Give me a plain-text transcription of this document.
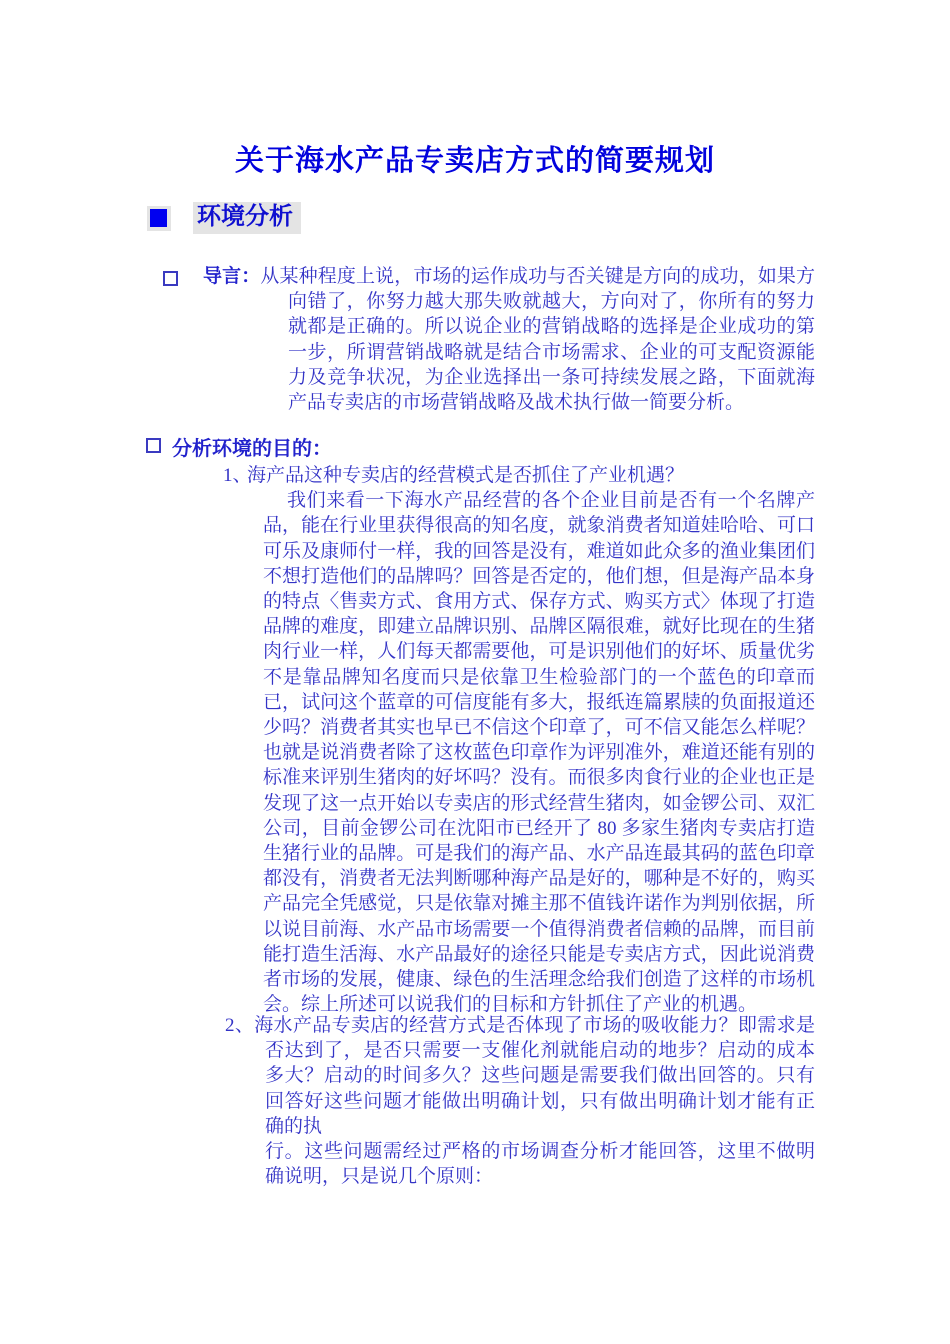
关于海水产品专卖店方式的简要规划
环境分析
导言：从某种程度上说，市场的运作成功与否关键是方向的成功，如果方向错了，你努力越大那失败就越大，方向对了，你所有的努力就都是正确的。所以说企业的营销战略的选择是企业成功的第一步，所谓营销战略就是结合市场需求、企业的可支配资源能力及竞争状况，为企业选择出一条可持续发展之路，下面就海产品专卖店的市场营销战略及战术执行做一简要分析。
分析环境的目的：
1、海产品这种专卖店的经营模式是否抓住了产业机遇？

我们来看一下海水产品经营的各个企业目前是否有一个名牌产品，能在行业里获得很高的知名度，就象消费者知道娃哈哈、可口可乐及康师付一样，我的回答是没有，难道如此众多的渔业集团们不想打造他们的品牌吗？回答是否定的，他们想，但是海产品本身的特点〈售卖方式、食用方式、保存方式、购买方式〉体现了打造品牌的难度，即建立品牌识别、品牌区隔很难，就好比现在的生猪肉行业一样，人们每天都需要他，可是识别他们的好坏、质量优劣不是靠品牌知名度而只是依靠卫生检验部门的一个蓝色的印章而已，试问这个蓝章的可信度能有多大，报纸连篇累牍的负面报道还少吗？消费者其实也早已不信这个印章了，可不信又能怎么样呢？也就是说消费者除了这枚蓝色印章作为评别准外，难道还能有别的标准来评别生猪肉的好坏吗？没有。而很多肉食行业的企业也正是发现了这一点开始以专卖店的形式经营生猪肉，如金锣公司、双汇公司，目前金锣公司在沈阳市已经开了 80 多家生猪肉专卖店打造生猪行业的品牌。可是我们的海产品、水产品连最其码的蓝色印章都没有，消费者无法判断哪种海产品是好的，哪种是不好的，购买产品完全凭感觉，只是依靠对摊主那不值钱许诺作为判别依据，所以说目前海、水产品市场需要一个值得消费者信赖的品牌，而目前能打造生活海、水产品最好的途径只能是专卖店方式，因此说消费者市场的发展，健康、绿色的生活理念给我们创造了这样的市场机会。综上所述可以说我们的目标和方针抓住了产业的机遇。

2、海水产品专卖店的经营方式是否体现了市场的吸收能力？即需求是否达到了，是否只需要一支催化剂就能启动的地步？启动的成本多大？启动的时间多久？这些问题是需要我们做出回答的。只有回答好这些问题才能做出明确计划，只有做出明确计划才能有正确的执

行。这些问题需经过严格的市场调查分析才能回答，这里不做明确说明，只是说几个原则：
